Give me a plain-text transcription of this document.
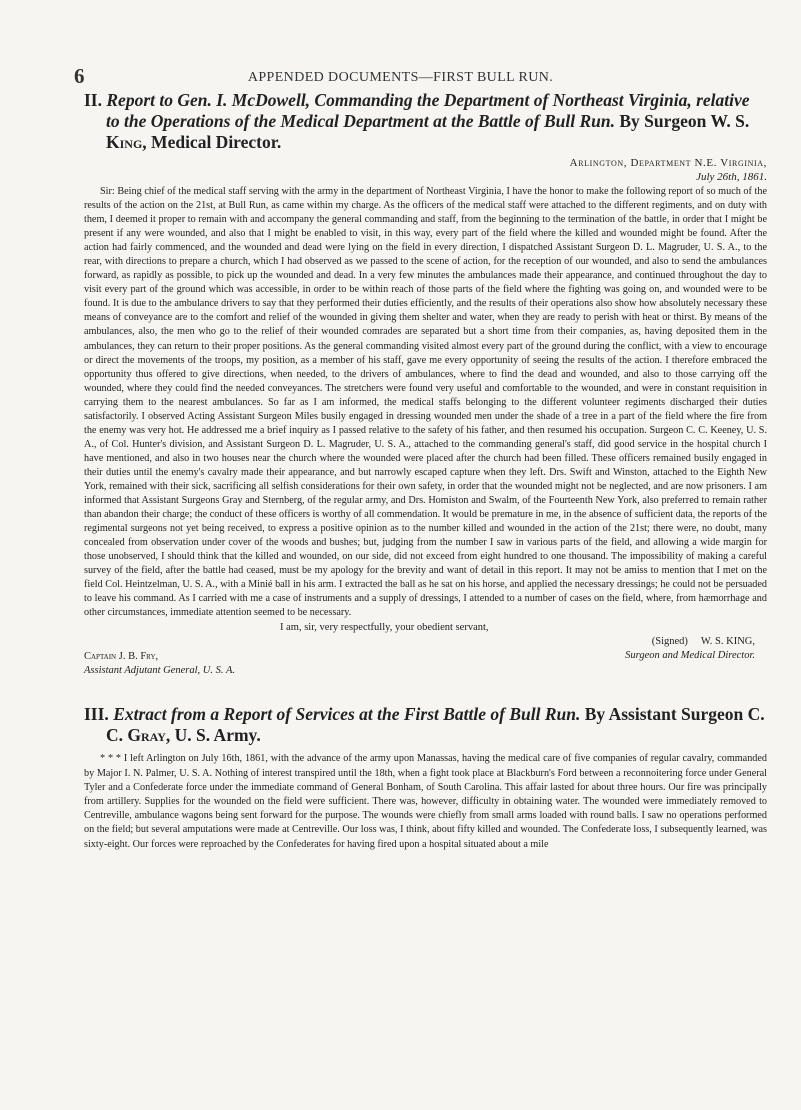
6	APPENDED DOCUMENTS—FIRST BULL RUN.
II. Report to Gen. I. McDowell, Commanding the Department of Northeast Virginia, relative to the Operations of the Medical Department at the Battle of Bull Run. By Surgeon W. S. King, Medical Director.
Arlington, Department N.E. Virginia,
July 26th, 1861.

Sir: Being chief of the medical staff serving with the army in the department of Northeast Virginia, I have the honor to make the following report of so much of the results of the action on the 21st, at Bull Run, as came within my charge. As the officers of the medical staff were attached to the different regiments, and on duty with them, I deemed it proper to remain with and accompany the general commanding and staff, from the beginning to the termination of the battle, in order that I might be present if any were wounded, and also that I might be enabled to visit, in this way, every part of the field where the killed and wounded might be found. After the action had fairly commenced, and the wounded and dead were lying on the field in every direction, I dispatched Assistant Surgeon D. L. Magruder, U. S. A., to the rear, with directions to prepare a church, which I had observed as we passed to the scene of action, for the reception of our wounded, and also to send the ambulances forward, as rapidly as possible, to pick up the wounded and dead. In a very few minutes the ambulances made their appearance, and continued throughout the day to visit every part of the ground which was accessible, in order to be within reach of those parts of the field where the fighting was going on, and wounded were to be found. It is due to the ambulance drivers to say that they performed their duties efficiently, and the results of their operations also show how absolutely necessary these means of conveyance are to the comfort and relief of the wounded in giving them shelter and water, when they are ready to perish with heat or thirst. By means of the ambulances, also, the men who go to the relief of their wounded comrades are separated but a short time from their companies, as, having deposited them in the ambulances, they can return to their proper positions. As the general commanding visited almost every part of the ground during the conflict, with a view to encourage or direct the movements of the troops, my position, as a member of his staff, gave me every opportunity of seeing the results of the action. I therefore embraced the opportunity thus offered to give directions, when needed, to the drivers of ambulances, where to find the dead and wounded, and also to those carrying off the wounded, where they could find the needed conveyances. The stretchers were found very useful and comfortable to the wounded, and were in constant requisition in carrying them to the nearest ambulances. So far as I am informed, the medical staffs belonging to the different volunteer regiments discharged their duties satisfactorily. I observed Acting Assistant Surgeon Miles busily engaged in dressing wounded men under the shade of a tree in a part of the field where the fire from the enemy was very hot. He addressed me a brief inquiry as I passed relative to the safety of his father, and then resumed his occupation. Surgeon C. C. Keeney, U. S. A., of Col. Hunter's division, and Assistant Surgeon D. L. Magruder, U. S. A., attached to the commanding general's staff, did good service in the hospital church I have mentioned, and also in two houses near the church where the wounded were placed after the church had been filled. These officers remained busily engaged in their duties until the enemy's cavalry made their appearance, and but narrowly escaped capture when they left. Drs. Swift and Winston, attached to the Eighth New York, remained with their sick, sacrificing all selfish considerations for their own safety, in order that the wounded might not be neglected, and are now prisoners. I am informed that Assistant Surgeons Gray and Sternberg, of the regular army, and Drs. Homiston and Swalm, of the Fourteenth New York, also preferred to remain rather than abandon their charge; the conduct of these officers is worthy of all commendation. It would be premature in me, in the absence of sufficient data, the reports of the regimental surgeons not yet being received, to express a positive opinion as to the number killed and wounded in the action of the 21st; there were, no doubt, many concealed from observation under cover of the woods and bushes; but, judging from the number I saw in various parts of the field, and allowing a wide margin for those unobserved, I should think that the killed and wounded, on our side, did not exceed from eight hundred to one thousand. The impossibility of making a careful survey of the field, after the battle had ceased, must be my apology for the brevity and want of detail in this report. It may not be amiss to mention that I met on the field Col. Heintzelman, U. S. A., with a Minié ball in his arm. I extracted the ball as he sat on his horse, and applied the necessary dressings; he could not be persuaded to leave his command. As I carried with me a case of instruments and a supply of dressings, I attended to a number of cases on the field, where, from hæmorrhage and other circumstances, immediate attention seemed to be necessary.

I am, sir, very respectfully, your obedient servant,
(Signed)     W. S. KING,
Surgeon and Medical Director.
Captain J. B. Fry,
Assistant Adjutant General, U. S. A.
III. Extract from a Report of Services at the First Battle of Bull Run. By Assistant Surgeon C. C. Gray, U. S. Army.

* * * I left Arlington on July 16th, 1861, with the advance of the army upon Manassas, having the medical care of five companies of regular cavalry, commanded by Major I. N. Palmer, U. S. A. Nothing of interest transpired until the 18th, when a fight took place at Blackburn's Ford between a reconnoitering force under General Tyler and a Confederate force under the immediate command of General Bonham, of South Carolina. This affair lasted for about three hours. Our fire was principally from artillery. Supplies for the wounded on the field were sufficient. There was, however, difficulty in obtaining water. The wounded were immediately removed to Centreville, ambulance wagons being sent forward for the purpose. The wounds were chiefly from small arms loaded with round balls. I saw no operations performed on the field; but several amputations were made at Centreville. Our loss was, I think, about fifty killed and wounded. The Confederate loss, I subsequently learned, was sixty-eight. Our forces were reproached by the Confederates for having fired upon a hospital situated about a mile
